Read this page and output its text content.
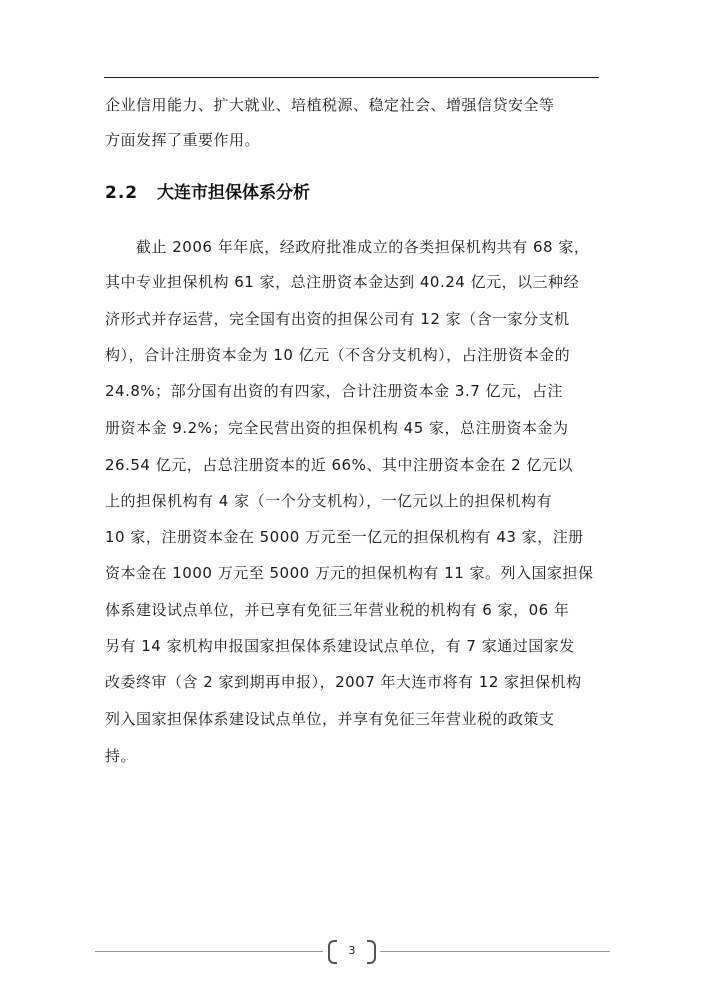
企业信用能力、扩大就业、培植税源、稳定社会、增强信贷安全等
方面发挥了重要作用。
2.2 大连市担保体系分析
　　截止 2006 年年底，经政府批准成立的各类担保机构共有 68 家，
其中专业担保机构 61 家，总注册资本金达到 40.24 亿元，以三种经
济形式并存运营，完全国有出资的担保公司有 12 家（含一家分支机
构），合计注册资本金为 10 亿元（不含分支机构），占注册资本金的
24.8%；部分国有出资的有四家，合计注册资本金 3.7 亿元，占注
册资本金 9.2%；完全民营出资的担保机构 45 家，总注册资本金为
26.54 亿元，占总注册资本的近 66%、其中注册资本金在 2 亿元以
上的担保机构有 4 家（一个分支机构），一亿元以上的担保机构有
10 家，注册资本金在 5000 万元至一亿元的担保机构有 43 家，注册
资本金在 1000 万元至 5000 万元的担保机构有 11 家。列入国家担保
体系建设试点单位，并已享有免征三年营业税的机构有 6 家，06 年
另有 14 家机构申报国家担保体系建设试点单位，有 7 家通过国家发
改委终审（含 2 家到期再申报），2007 年大连市将有 12 家担保机构
列入国家担保体系建设试点单位，并享有免征三年营业税的政策支
持。
3
